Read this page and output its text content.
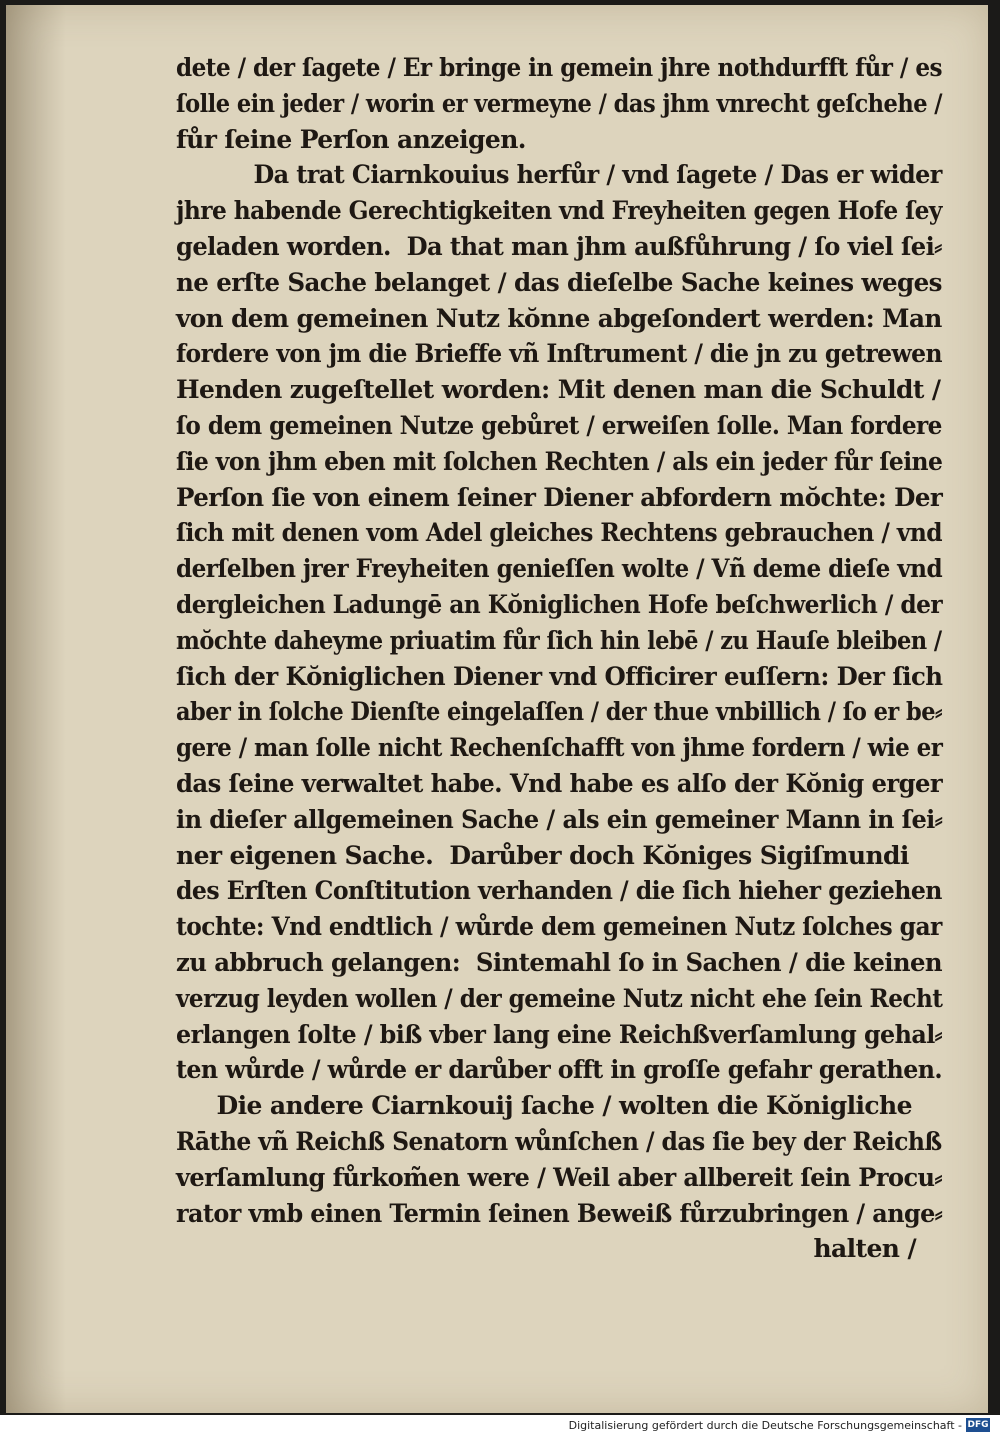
dete / der ſagete / Er bringe in gemein jhre nothdurfft fůr / es
ſolle ein jeder / worin er vermeyne / das jhm vnrecht geſchehe /
fůr ſeine Perſon anzeigen.
Da trat Ciarnkouius herfůr / vnd ſagete / Das er wider
jhre habende Gerechtigkeiten vnd Freyheiten gegen Hofe ſey
geladen worden.  Da that man jhm außfůhrung / ſo viel ſei⸗
ne erſte Sache belanget / das dieſelbe Sache keines weges
von dem gemeinen Nutz kŏnne abgeſondert werden: Man
fordere von jm die Brieffe vñ Inſtrument / die jn zu getrewen
Henden zugeſtellet worden: Mit denen man die Schuldt /
ſo dem gemeinen Nutze gebůret / erweiſen ſolle. Man fordere
ſie von jhm eben mit ſolchen Rechten / als ein jeder fůr ſeine
Perſon ſie von einem ſeiner Diener abfordern mŏchte: Der
ſich mit denen vom Adel gleiches Rechtens gebrauchen / vnd
derſelben jrer Freyheiten genieſſen wolte / Vñ deme dieſe vnd
dergleichen Ladungē an Kŏniglichen Hofe beſchwerlich / der
mŏchte daheyme priuatim fůr ſich hin lebē / zu Hauſe bleiben /
ſich der Kŏniglichen Diener vnd Officirer euſſern: Der ſich
aber in ſolche Dienſte eingelaſſen / der thue vnbillich / ſo er be⸗
gere / man ſolle nicht Rechenſchafft von jhme fordern / wie er
das ſeine verwaltet habe. Vnd habe es alſo der Kŏnig erger
in dieſer allgemeinen Sache / als ein gemeiner Mann in ſei⸗
ner eigenen Sache.  Darůber doch Kŏniges Sigiſmundi
des Erſten Conſtitution verhanden / die ſich hieher geziehen
tochte: Vnd endtlich / wůrde dem gemeinen Nutz ſolches gar
zu abbruch gelangen:  Sintemahl ſo in Sachen / die keinen
verzug leyden wollen / der gemeine Nutz nicht ehe ſein Recht
erlangen ſolte / biß vber lang eine Reichßverſamlung gehal⸗
ten wůrde / wůrde er darůber offt in groſſe gefahr gerathen.
Die andere Ciarnkouij ſache / wolten die Kŏnigliche
Rāthe vñ Reichß Senatorn wůnſchen / das ſie bey der Reichß
verſamlung fůrkom̃en were / Weil aber allbereit ſein Procu⸗
rator vmb einen Termin ſeinen Beweiß fůrzubringen / ange⸗
halten /
Digitalisierung gefördert durch die Deutsche Forschungsgemeinschaft - DFG
